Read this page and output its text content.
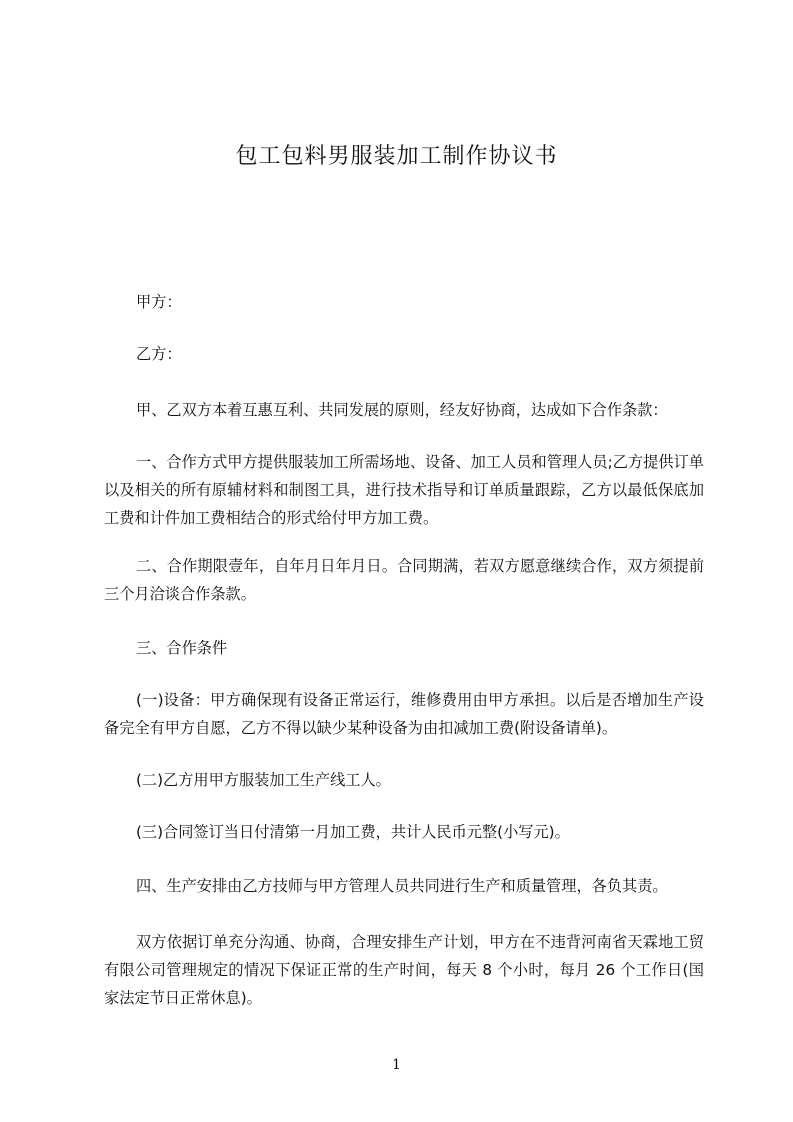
包工包料男服装加工制作协议书

甲方：

乙方：

甲、乙双方本着互惠互利、共同发展的原则，经友好协商，达成如下合作条款：

一、合作方式甲方提供服装加工所需场地、设备、加工人员和管理人员;乙方提供订单以及相关的所有原辅材料和制图工具，进行技术指导和订单质量跟踪，乙方以最低保底加工费和计件加工费相结合的形式给付甲方加工费。

二、合作期限壹年，自年月日年月日。合同期满，若双方愿意继续合作，双方须提前三个月洽谈合作条款。

三、合作条件

(一)设备：甲方确保现有设备正常运行，维修费用由甲方承担。以后是否增加生产设备完全有甲方自愿，乙方不得以缺少某种设备为由扣减加工费(附设备请单)。

(二)乙方用甲方服装加工生产线工人。

(三)合同签订当日付清第一月加工费，共计人民币元整(小写元)。

四、生产安排由乙方技师与甲方管理人员共同进行生产和质量管理，各负其责。

双方依据订单充分沟通、协商，合理安排生产计划，甲方在不违背河南省天霖地工贸有限公司管理规定的情况下保证正常的生产时间，每天 8 个小时，每月 26 个工作日(国家法定节日正常休息)。

1
